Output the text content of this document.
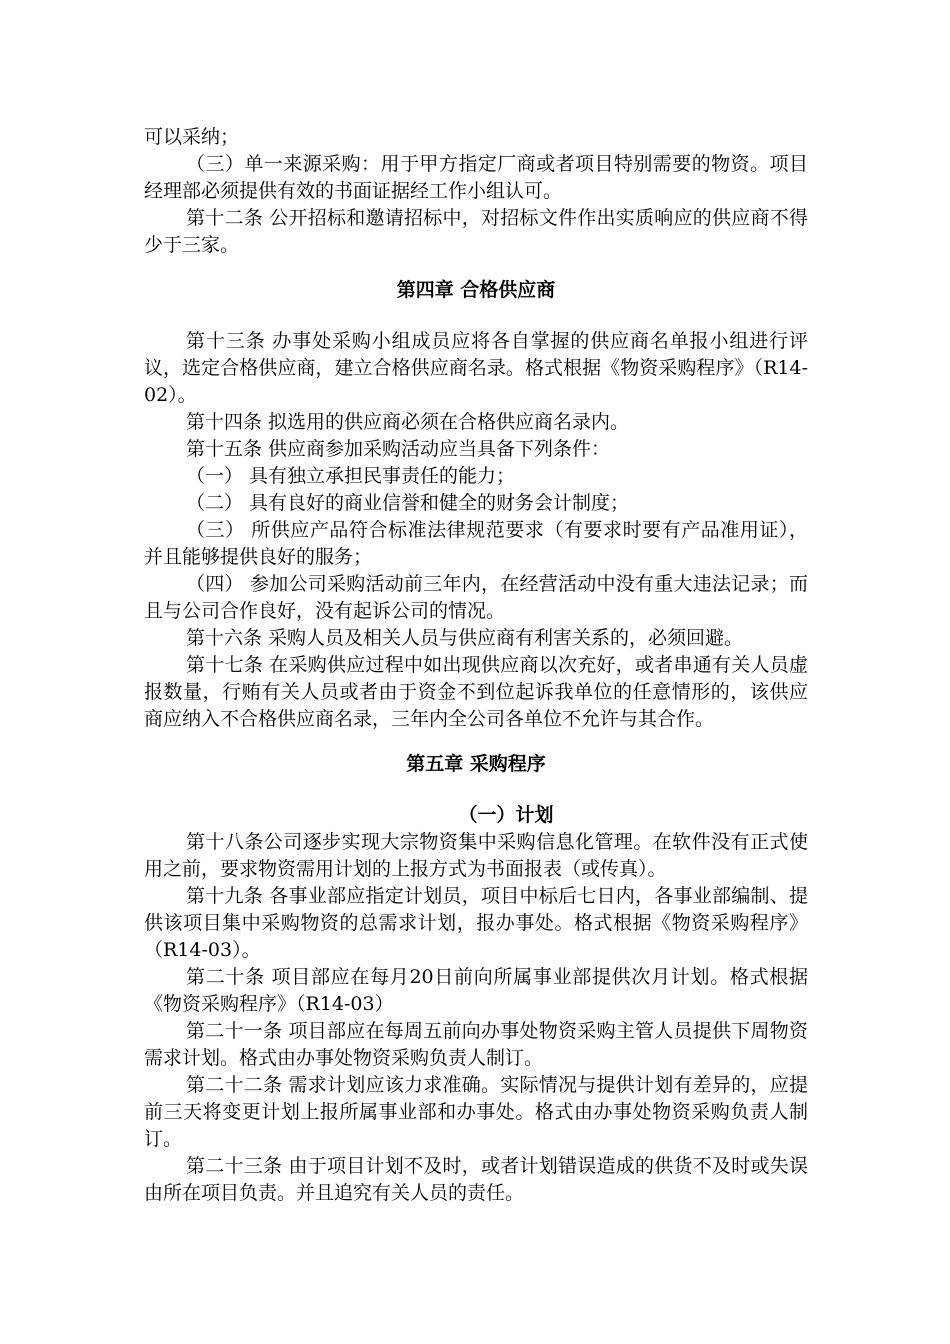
可以采纳；

（三）单一来源采购：用于甲方指定厂商或者项目特别需要的物资。项目经理部必须提供有效的书面证据经工作小组认可。

第十二条 公开招标和邀请招标中，对招标文件作出实质响应的供应商不得少于三家。

第四章 合格供应商

第十三条 办事处采购小组成员应将各自掌握的供应商名单报小组进行评议，选定合格供应商，建立合格供应商名录。格式根据《物资采购程序》（R14-02）。

第十四条 拟选用的供应商必须在合格供应商名录内。

第十五条 供应商参加采购活动应当具备下列条件：

（一） 具有独立承担民事责任的能力；

（二） 具有良好的商业信誉和健全的财务会计制度；

（三） 所供应产品符合标准法律规范要求（有要求时要有产品准用证），并且能够提供良好的服务；

（四） 参加公司采购活动前三年内，在经营活动中没有重大违法记录；而且与公司合作良好，没有起诉公司的情况。

第十六条 采购人员及相关人员与供应商有利害关系的，必须回避。

第十七条 在采购供应过程中如出现供应商以次充好，或者串通有关人员虚报数量，行贿有关人员或者由于资金不到位起诉我单位的任意情形的，该供应商应纳入不合格供应商名录，三年内全公司各单位不允许与其合作。

第五章 采购程序
（一）计划

第十八条公司逐步实现大宗物资集中采购信息化管理。在软件没有正式使用之前，要求物资需用计划的上报方式为书面报表（或传真）。

第十九条 各事业部应指定计划员，项目中标后七日内，各事业部编制、提供该项目集中采购物资的总需求计划，报办事处。格式根据《物资采购程序》（R14-03）。

第二十条 项目部应在每月20日前向所属事业部提供次月计划。格式根据《物资采购程序》（R14-03）

第二十一条 项目部应在每周五前向办事处物资采购主管人员提供下周物资需求计划。格式由办事处物资采购负责人制订。

第二十二条 需求计划应该力求准确。实际情况与提供计划有差异的，应提前三天将变更计划上报所属事业部和办事处。格式由办事处物资采购负责人制订。

第二十三条 由于项目计划不及时，或者计划错误造成的供货不及时或失误由所在项目负责。并且追究有关人员的责任。
